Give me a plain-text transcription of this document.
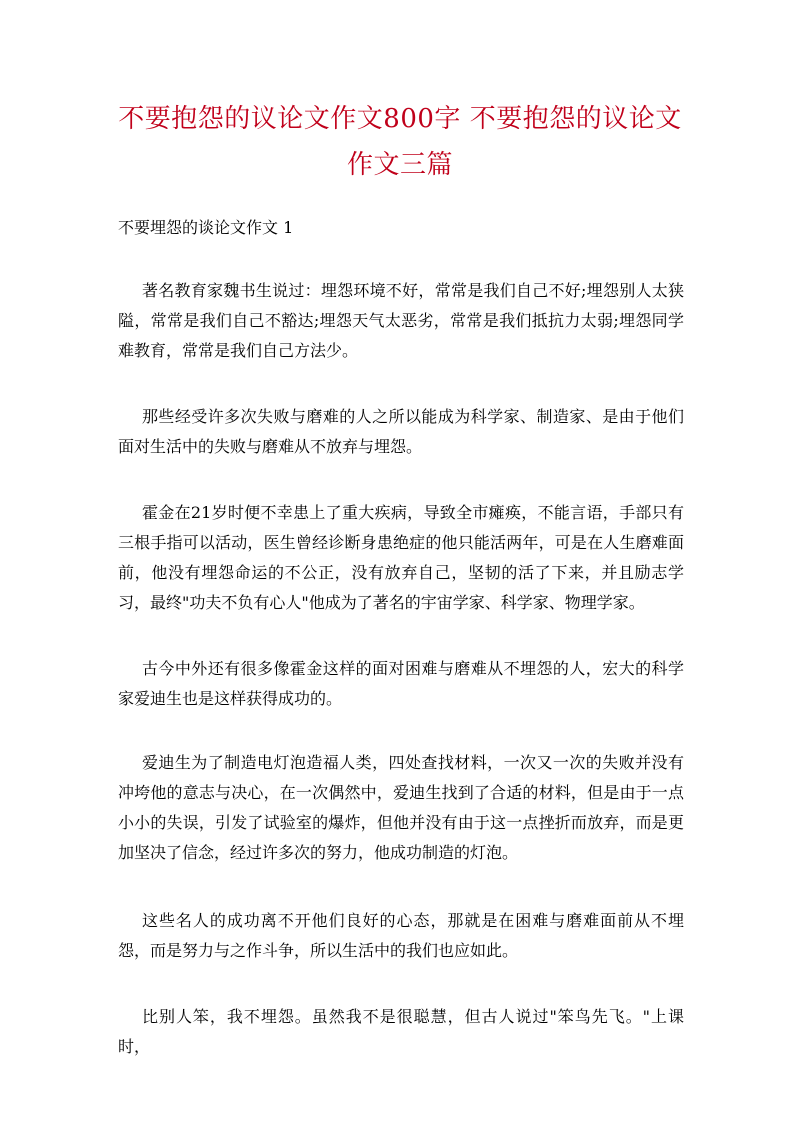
不要抱怨的议论文作文800字 不要抱怨的议论文作文三篇
不要埋怨的谈论文作文 1

著名教育家魏书生说过：埋怨环境不好，常常是我们自己不好;埋怨别人太狭隘，常常是我们自己不豁达;埋怨天气太恶劣，常常是我们抵抗力太弱;埋怨同学难教育，常常是我们自己方法少。

那些经受许多次失败与磨难的人之所以能成为科学家、制造家、是由于他们面对生活中的失败与磨难从不放弃与埋怨。

霍金在21岁时便不幸患上了重大疾病，导致全市瘫痪，不能言语，手部只有三根手指可以活动，医生曾经诊断身患绝症的他只能活两年，可是在人生磨难面前，他没有埋怨命运的不公正，没有放弃自己，坚韧的活了下来，并且励志学习，最终"功夫不负有心人"他成为了著名的宇宙学家、科学家、物理学家。

古今中外还有很多像霍金这样的面对困难与磨难从不埋怨的人，宏大的科学家爱迪生也是这样获得成功的。

爱迪生为了制造电灯泡造福人类，四处查找材料，一次又一次的失败并没有冲垮他的意志与决心，在一次偶然中，爱迪生找到了合适的材料，但是由于一点小小的失误，引发了试验室的爆炸，但他并没有由于这一点挫折而放弃，而是更加坚决了信念，经过许多次的努力，他成功制造的灯泡。

这些名人的成功离不开他们良好的心态，那就是在困难与磨难面前从不埋怨，而是努力与之作斗争，所以生活中的我们也应如此。

比别人笨，我不埋怨。虽然我不是很聪慧，但古人说过"笨鸟先飞。"上课时，
